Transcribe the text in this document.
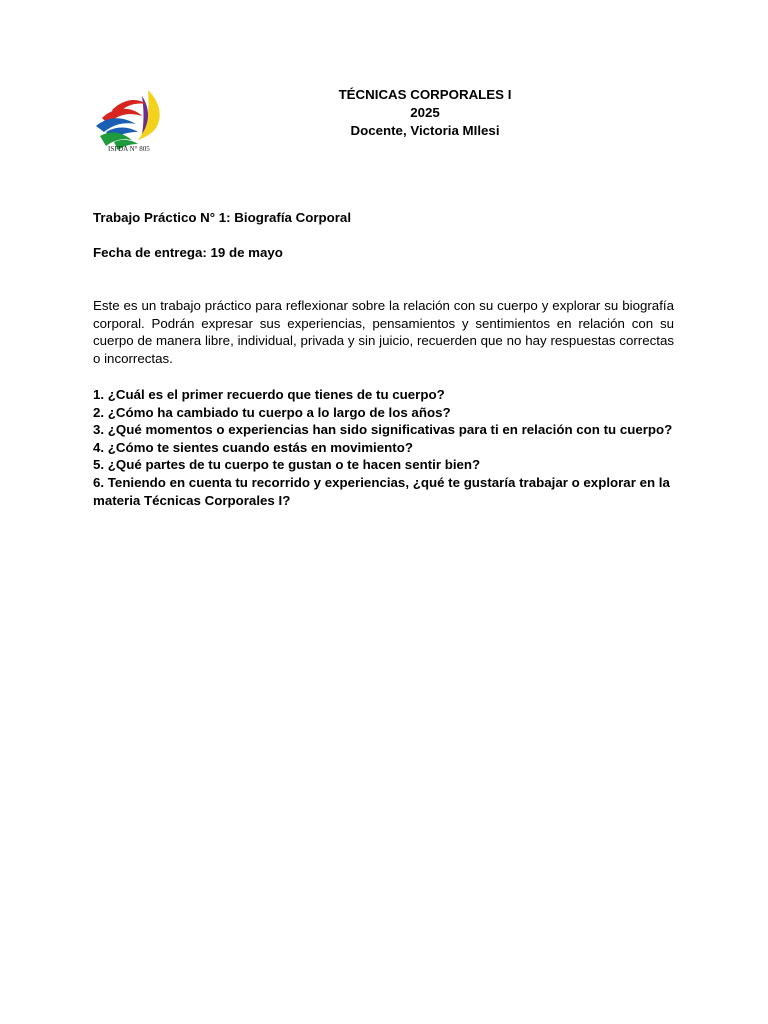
ISFDA N° 805
TÉCNICAS CORPORALES I
2025
Docente, Victoria MIlesi
Trabajo Práctico N° 1: Biografía Corporal
Fecha de entrega: 19 de mayo

Este es un trabajo práctico para reflexionar sobre la relación con su cuerpo y explorar su biografía corporal. Podrán expresar sus experiencias, pensamientos y sentimientos en relación con su cuerpo de manera libre, individual, privada y sin juicio, recuerden que no hay respuestas correctas o incorrectas.

1. ¿Cuál es el primer recuerdo que tienes de tu cuerpo?
2. ¿Cómo ha cambiado tu cuerpo a lo largo de los años?
3. ¿Qué momentos o experiencias han sido significativas para ti en relación con tu cuerpo?
4. ¿Cómo te sientes cuando estás en movimiento?
5. ¿Qué partes de tu cuerpo te gustan o te hacen sentir bien?
6. Teniendo en cuenta tu recorrido y experiencias, ¿qué te gustaría trabajar o explorar en la materia Técnicas Corporales I?
